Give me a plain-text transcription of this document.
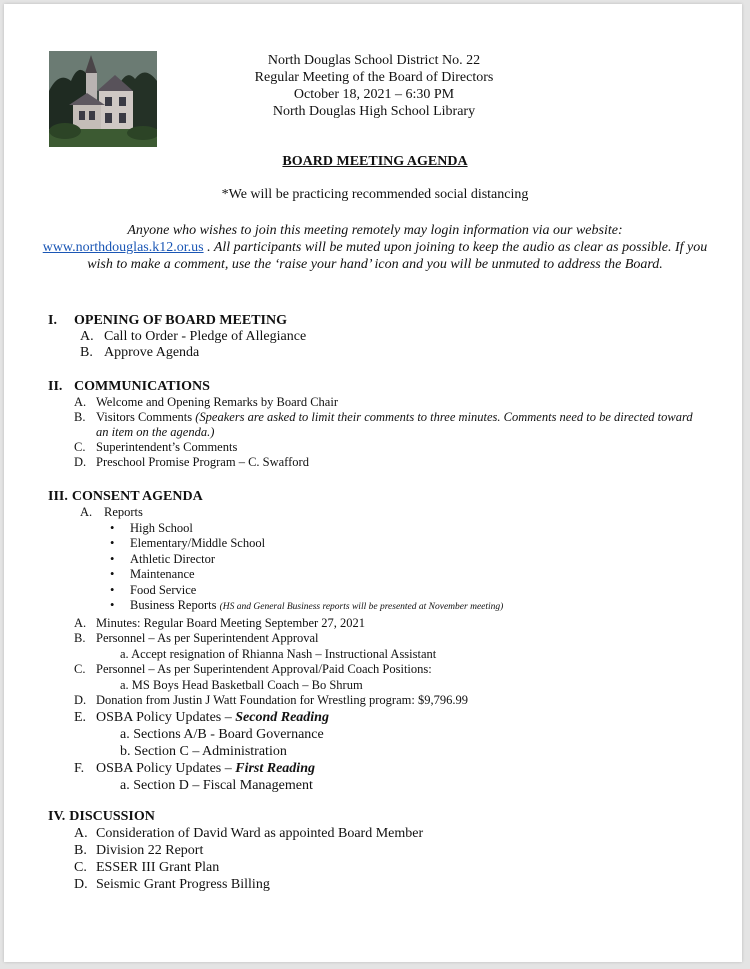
North Douglas School District No. 22
Regular Meeting of the Board of Directors
October 18, 2021 – 6:30 PM
North Douglas High School Library
BOARD MEETING AGENDA
*We will be practicing recommended social distancing
Anyone who wishes to join this meeting remotely may login information via our website:
www.northdouglas.k12.or.us . All participants will be muted upon joining to keep the audio as clear as possible. If you wish to make a comment, use the ‘raise your hand’ icon and you will be unmuted to address the Board.
I. OPENING OF BOARD MEETING
A. Call to Order - Pledge of Allegiance
B. Approve Agenda
II. COMMUNICATIONS
A. Welcome and Opening Remarks by Board Chair
B. Visitors Comments (Speakers are asked to limit their comments to three minutes. Comments need to be directed toward an item on the agenda.)
C. Superintendent’s Comments
D. Preschool Promise Program – C. Swafford
III. CONSENT AGENDA
A. Reports
• High School
• Elementary/Middle School
• Athletic Director
• Maintenance
• Food Service
• Business Reports (HS and General Business reports will be presented at November meeting)
A. Minutes: Regular Board Meeting September 27, 2021
B. Personnel – As per Superintendent Approval
a. Accept resignation of Rhianna Nash – Instructional Assistant
C. Personnel – As per Superintendent Approval/Paid Coach Positions:
a. MS Boys Head Basketball Coach – Bo Shrum
D. Donation from Justin J Watt Foundation for Wrestling program: $9,796.99
E. OSBA Policy Updates – Second Reading
a. Sections A/B - Board Governance
b. Section C – Administration
F. OSBA Policy Updates – First Reading
a. Section D – Fiscal Management
IV. DISCUSSION
A. Consideration of David Ward as appointed Board Member
B. Division 22 Report
C. ESSER III Grant Plan
D. Seismic Grant Progress Billing
